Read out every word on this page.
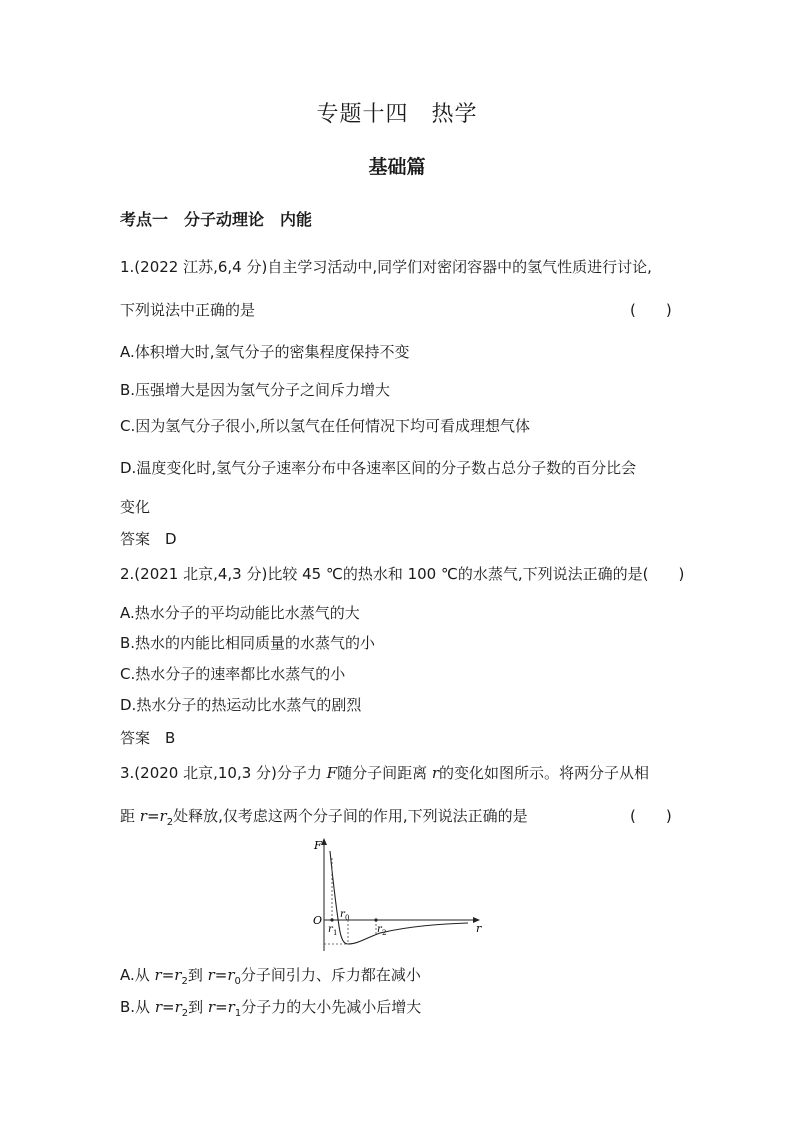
专题十四　热学
基础篇
考点一　分子动理论　内能
1.(2022 江苏,6,4 分)自主学习活动中,同学们对密闭容器中的氢气性质进行讨论,
下列说法中正确的是	(　　)
A.体积增大时,氢气分子的密集程度保持不变
B.压强增大是因为氢气分子之间斥力增大
C.因为氢气分子很小,所以氢气在任何情况下均可看成理想气体
D.温度变化时,氢气分子速率分布中各速率区间的分子数占总分子数的百分比会
变化
答案　D
2.(2021 北京,4,3 分)比较 45 ℃的热水和 100 ℃的水蒸气,下列说法正确的是(　　)
A.热水分子的平均动能比水蒸气的大
B.热水的内能比相同质量的水蒸气的小
C.热水分子的速率都比水蒸气的小
D.热水分子的热运动比水蒸气的剧烈
答案　B
3.(2020 北京,10,3 分)分子力 F随分子间距离 r的变化如图所示。将两分子从相
距 $r=r_2$处释放,仅考虑这两个分子间的作用,下列说法正确的是	(　　)
F
O
r
r 0
r 1	r 2
A.从 $r=r_2$到 $r=r_0$分子间引力、斥力都在减小
B.从 $r=r_2$到 $r=r_1$分子力的大小先减小后增大
